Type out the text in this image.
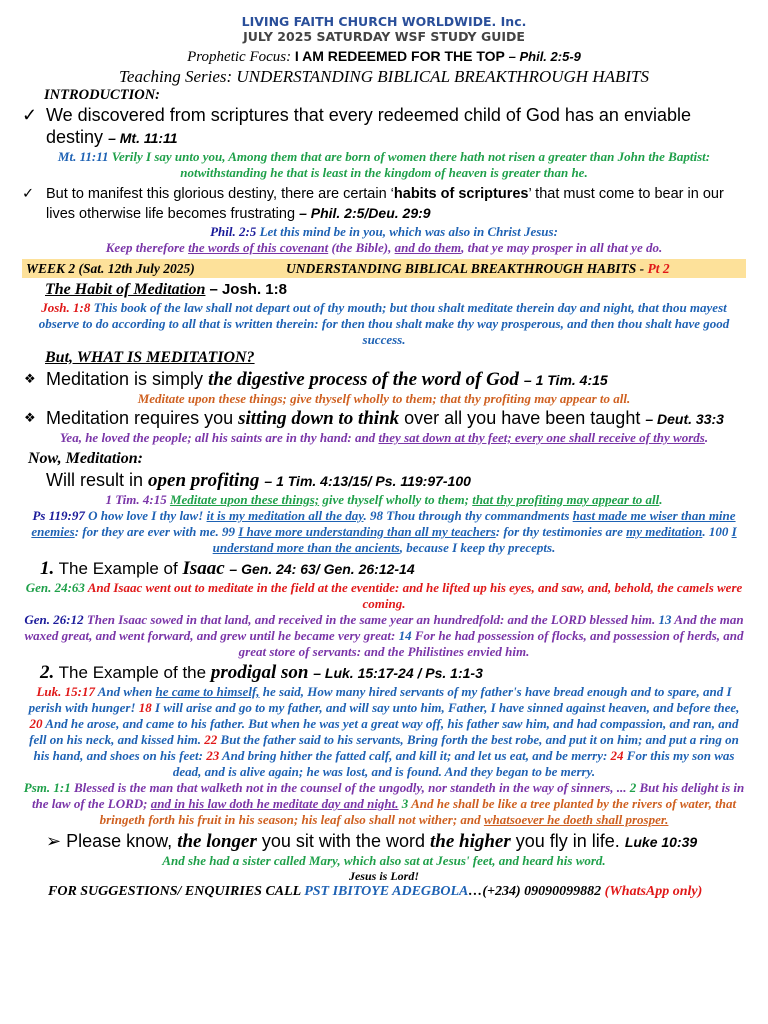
LIVING FAITH CHURCH WORLDWIDE. Inc.
JULY 2025 SATURDAY WSF STUDY GUIDE
Prophetic Focus: I AM REDEEMED FOR THE TOP – Phil. 2:5-9
Teaching Series: UNDERSTANDING BIBLICAL BREAKTHROUGH HABITS
INTRODUCTION:
✓ We discovered from scriptures that every redeemed child of God has an enviable destiny – Mt. 11:11
Mt. 11:11 Verily I say unto you, Among them that are born of women there hath not risen a greater than John the Baptist: notwithstanding he that is least in the kingdom of heaven is greater than he.
✓ But to manifest this glorious destiny, there are certain ‘habits of scriptures’ that must come to bear in our lives otherwise life becomes frustrating – Phil. 2:5/Deu. 29:9
Phil. 2:5 Let this mind be in you, which was also in Christ Jesus:
Keep therefore the words of this covenant (the Bible), and do them, that ye may prosper in all that ye do.
WEEK 2 (Sat. 12th July 2025)	UNDERSTANDING BIBLICAL BREAKTHROUGH HABITS - Pt 2
The Habit of Meditation – Josh. 1:8
Josh. 1:8 This book of the law shall not depart out of thy mouth; but thou shalt meditate therein day and night, that thou mayest observe to do according to all that is written therein: for then thou shalt make thy way prosperous, and then thou shalt have good success.
But, WHAT IS MEDITATION?
❖ Meditation is simply the digestive process of the word of God – 1 Tim. 4:15
Meditate upon these things; give thyself wholly to them; that thy profiting may appear to all.
❖ Meditation requires you sitting down to think over all you have been taught – Deut. 33:3
Yea, he loved the people; all his saints are in thy hand: and they sat down at thy feet; every one shall receive of thy words.
Now, Meditation:
Will result in open profiting – 1 Tim. 4:13/15/ Ps. 119:97-100
1 Tim. 4:15 Meditate upon these things; give thyself wholly to them; that thy profiting may appear to all.
Ps 119:97 O how love I thy law! it is my meditation all the day. 98 Thou through thy commandments hast made me wiser than mine enemies: for they are ever with me. 99 I have more understanding than all my teachers: for thy testimonies are my meditation. 100 I understand more than the ancients, because I keep thy precepts.
1. The Example of Isaac – Gen. 24: 63/ Gen. 26:12-14
Gen. 24:63 And Isaac went out to meditate in the field at the eventide: and he lifted up his eyes, and saw, and, behold, the camels were coming.
Gen. 26:12 Then Isaac sowed in that land, and received in the same year an hundredfold: and the LORD blessed him. 13 And the man waxed great, and went forward, and grew until he became very great: 14 For he had possession of flocks, and possession of herds, and great store of servants: and the Philistines envied him.
2. The Example of the prodigal son – Luk. 15:17-24 / Ps. 1:1-3
Luk. 15:17 And when he came to himself, he said, How many hired servants of my father's have bread enough and to spare, and I perish with hunger! 18 I will arise and go to my father, and will say unto him, Father, I have sinned against heaven, and before thee, 20 And he arose, and came to his father. But when he was yet a great way off, his father saw him, and had compassion, and ran, and fell on his neck, and kissed him. 22 But the father said to his servants, Bring forth the best robe, and put it on him; and put a ring on his hand, and shoes on his feet: 23 And bring hither the fatted calf, and kill it; and let us eat, and be merry: 24 For this my son was dead, and is alive again; he was lost, and is found. And they began to be merry.
Psm. 1:1 Blessed is the man that walketh not in the counsel of the ungodly, nor standeth in the way of sinners, ... 2 But his delight is in the law of the LORD; and in his law doth he meditate day and night. 3 And he shall be like a tree planted by the rivers of water, that bringeth forth his fruit in his season; his leaf also shall not wither; and whatsoever he doeth shall prosper.
➢ Please know, the longer you sit with the word the higher you fly in life. Luke 10:39
And she had a sister called Mary, which also sat at Jesus' feet, and heard his word.
Jesus is Lord!
FOR SUGGESTIONS/ ENQUIRIES CALL PST IBITOYE ADEGBOLA…(+234) 09090099882 (WhatsApp only)
